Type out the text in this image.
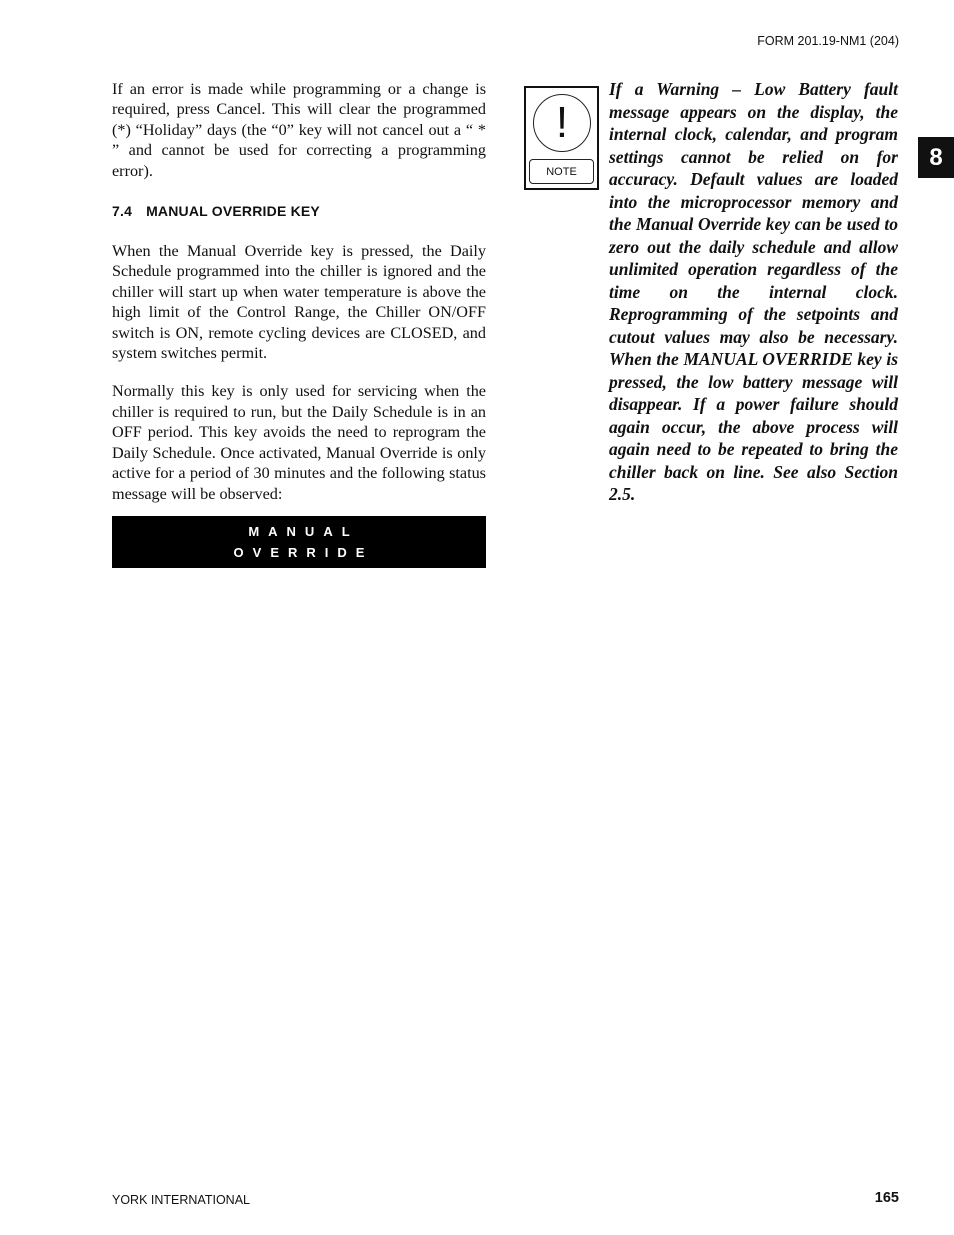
FORM 201.19-NM1 (204)
8

If an error is made while programming or a change is required, press Cancel. This will clear the programmed (*) “Holiday” days (the “0” key will not cancel out a “ * ” and cannot be used for correcting a programming error).

7.4 MANUAL OVERRIDE KEY

When the Manual Override key is pressed, the Daily Schedule programmed into the chiller is ignored and the chiller will start up when water temperature is above the high limit of the Control Range, the Chiller ON/OFF switch is ON, remote cycling devices are CLOSED, and system switches permit.

Normally this key is only used for servicing when the chiller is required to run, but the Daily Schedule is in an OFF period. This key avoids the need to reprogram the Daily Schedule. Once activated, Manual Override is only active for a period of 30 minutes and the following status message will be observed:

MANUAL
OVERRIDE
!
NOTE

If a Warning – Low Battery fault message appears on the display, the internal clock, calendar, and program settings cannot be relied on for accuracy. Default values are loaded into the microprocessor memory and the Manual Override key can be used to zero out the daily schedule and allow unlimited operation regardless of the time on the internal clock. Reprogramming of the setpoints and cutout values may also be necessary. When the MANUAL OVERRIDE key is pressed, the low battery message will disappear. If a power failure should again occur, the above process will again need to be repeated to bring the chiller back on line. See also Section 2.5.

YORK INTERNATIONAL	165
